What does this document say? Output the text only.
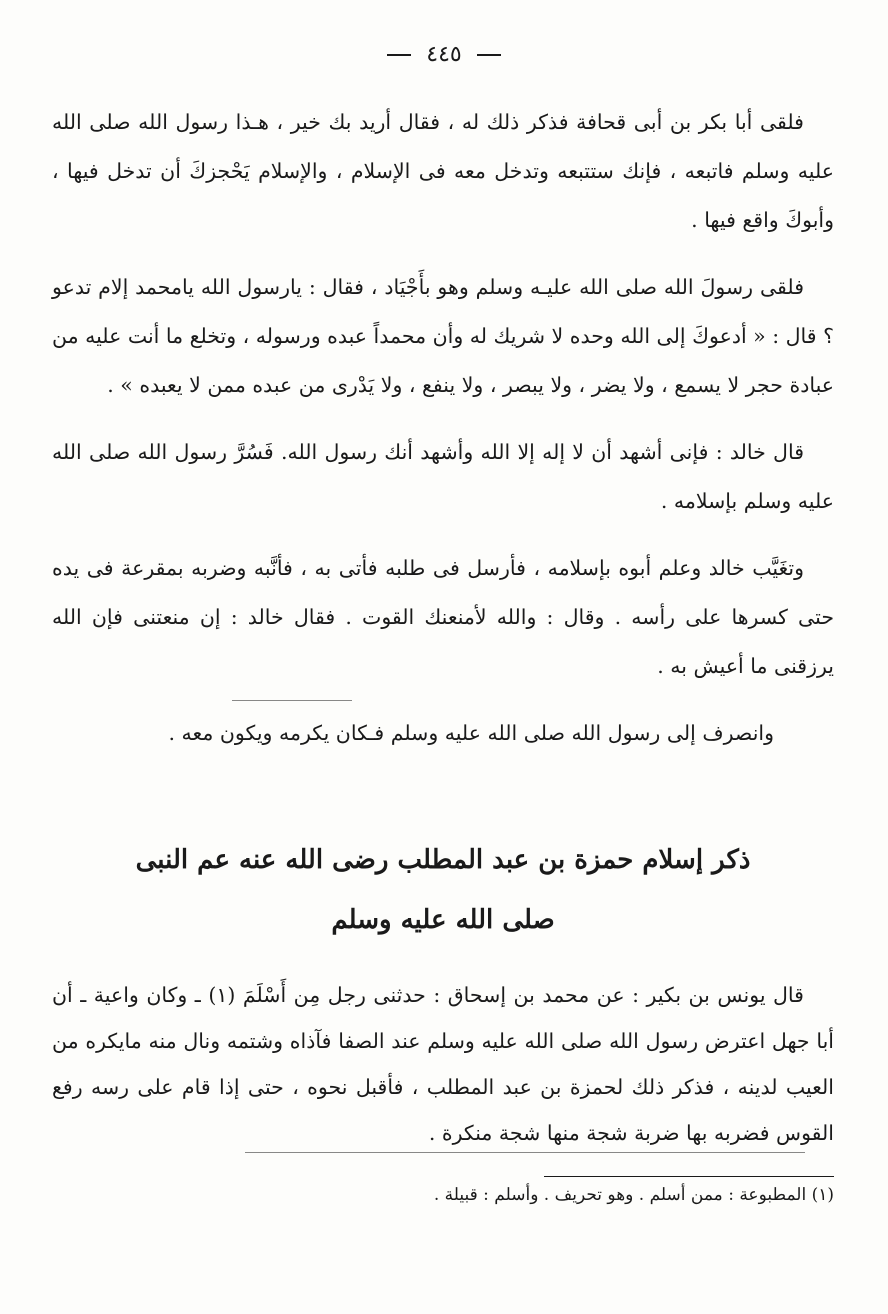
٤٤٥

فلقى أبا بكر بن أبى قحافة فذكر ذلك له ، فقال أريد بك خير ، هـذا رسول الله صلى الله عليه وسلم فاتبعه ، فإنك ستتبعه وتدخل معه فى الإسلام ، والإسلام يَحْجزكَ أن تدخل فيها ، وأبوكَ واقع فيها .

فلقى رسولَ الله صلى الله عليـه وسلم وهو بأَجْيَاد ، فقال : يارسول الله يامحمد إلام تدعو ؟ قال : « أدعوكَ إلى الله وحده لا شريك له وأن محمداً عبده ورسوله ، وتخلع ما أنت عليه من عبادة حجر لا يسمع ، ولا يضر ، ولا يبصر ، ولا ينفع ، ولا يَدْرى من عبده ممن لا يعبده » .

قال خالد : فإنى أشهد أن لا إله إلا الله وأشهد أنك رسول الله. فَسُرَّ رسول الله صلى الله عليه وسلم بإسلامه .

وتغَيَّب خالد وعلم أبوه بإسلامه ، فأرسل فى طلبه فأتى به ، فأنَّبه وضربه بمقرعة فى يده حتى كسرها على رأسه . وقال : والله لأمنعنك القوت . فقال خالد : إن منعتنى فإن الله يرزقنى ما أعيش به .

وانصرف إلى رسول الله صلى الله عليه وسلم فـكان يكرمه ويكون معه .

ذكر إسلام حمزة بن عبد المطلب رضى الله عنه عم النبى

صلى الله عليه وسلم

قال يونس بن بكير : عن محمد بن إسحاق : حدثنى رجل مِن أَسْلَمَ (١) ـ وكان واعية ـ أن أبا جهل اعترض رسول الله صلى الله عليه وسلم عند الصفا فآذاه وشتمه ونال منه مايكره من العيب لدينه ، فذكر ذلك لحمزة بن عبد المطلب ، فأقبل نحوه ، حتى إذا قام على رسه رفع القوس فضربه بها ضربة شجة منها شجة منكرة .

(١) المطبوعة : ممن أسلم . وهو تحريف . وأسلم : قبيلة .
